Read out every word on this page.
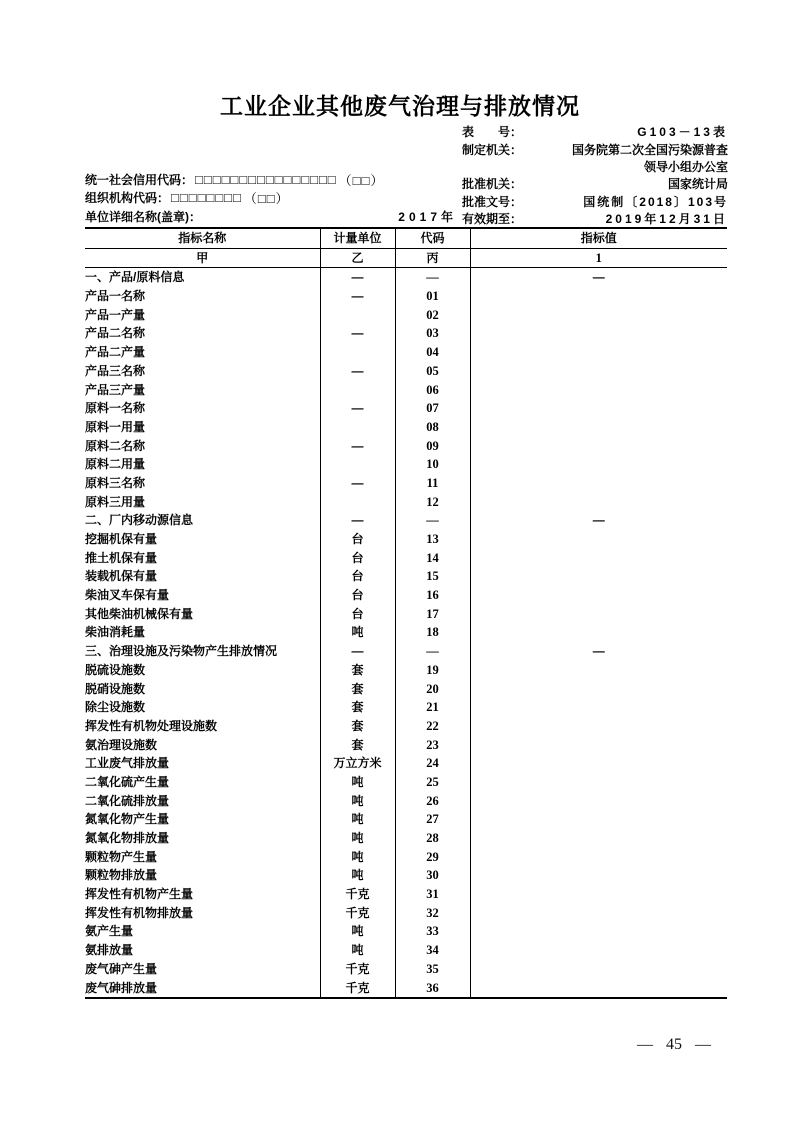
工业企业其他废气治理与排放情况
表　　号：	G103－13表
制定机关：	国务院第二次全国污染源普查
领导小组办公室
批准机关：	国家统计局
批准文号：	国统制〔2018〕103号
有效期至：	2019年12月31日
统一社会信用代码： □□□□□□□□□□□□□□□□ （□□）
组织机构代码： □□□□□□□□ （□□）
单位详细名称(盖章)：	2017年
指标名称	计量单位	代码	指标值
甲	乙	丙	1
一、产品/原料信息	—	—	—
产品一名称	—	01	
产品一产量		02	
产品二名称	—	03	
产品二产量		04	
产品三名称	—	05	
产品三产量		06	
原料一名称	—	07	
原料一用量		08	
原料二名称	—	09	
原料二用量		10	
原料三名称	—	11	
原料三用量		12	
二、厂内移动源信息	—	—	—
挖掘机保有量	台	13	
推土机保有量	台	14	
装载机保有量	台	15	
柴油叉车保有量	台	16	
其他柴油机械保有量	台	17	
柴油消耗量	吨	18	
三、治理设施及污染物产生排放情况	—	—	—
脱硫设施数	套	19	
脱硝设施数	套	20	
除尘设施数	套	21	
挥发性有机物处理设施数	套	22	
氨治理设施数	套	23	
工业废气排放量	万立方米	24	
二氧化硫产生量	吨	25	
二氧化硫排放量	吨	26	
氮氧化物产生量	吨	27	
氮氧化物排放量	吨	28	
颗粒物产生量	吨	29	
颗粒物排放量	吨	30	
挥发性有机物产生量	千克	31	
挥发性有机物排放量	千克	32	
氨产生量	吨	33	
氨排放量	吨	34	
废气砷产生量	千克	35	
废气砷排放量	千克	36	
— 45 —
